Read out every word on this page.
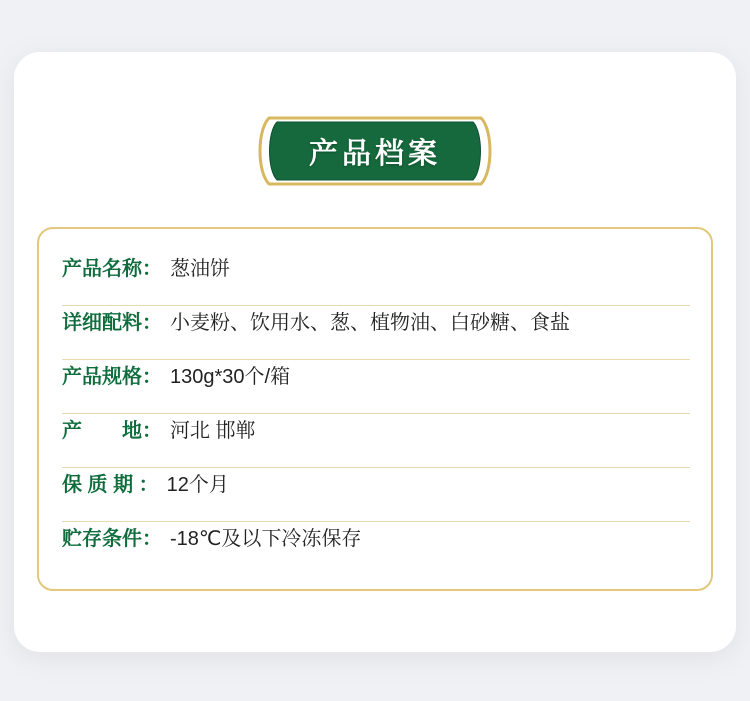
产品档案
产品名称： 葱油饼
详细配料： 小麦粉、饮用水、葱、植物油、白砂糖、食盐
产品规格： 130g*30个/箱
产　　地： 河北 邯郸
保 质 期 ： 12个月
贮存条件： -18℃及以下冷冻保存
